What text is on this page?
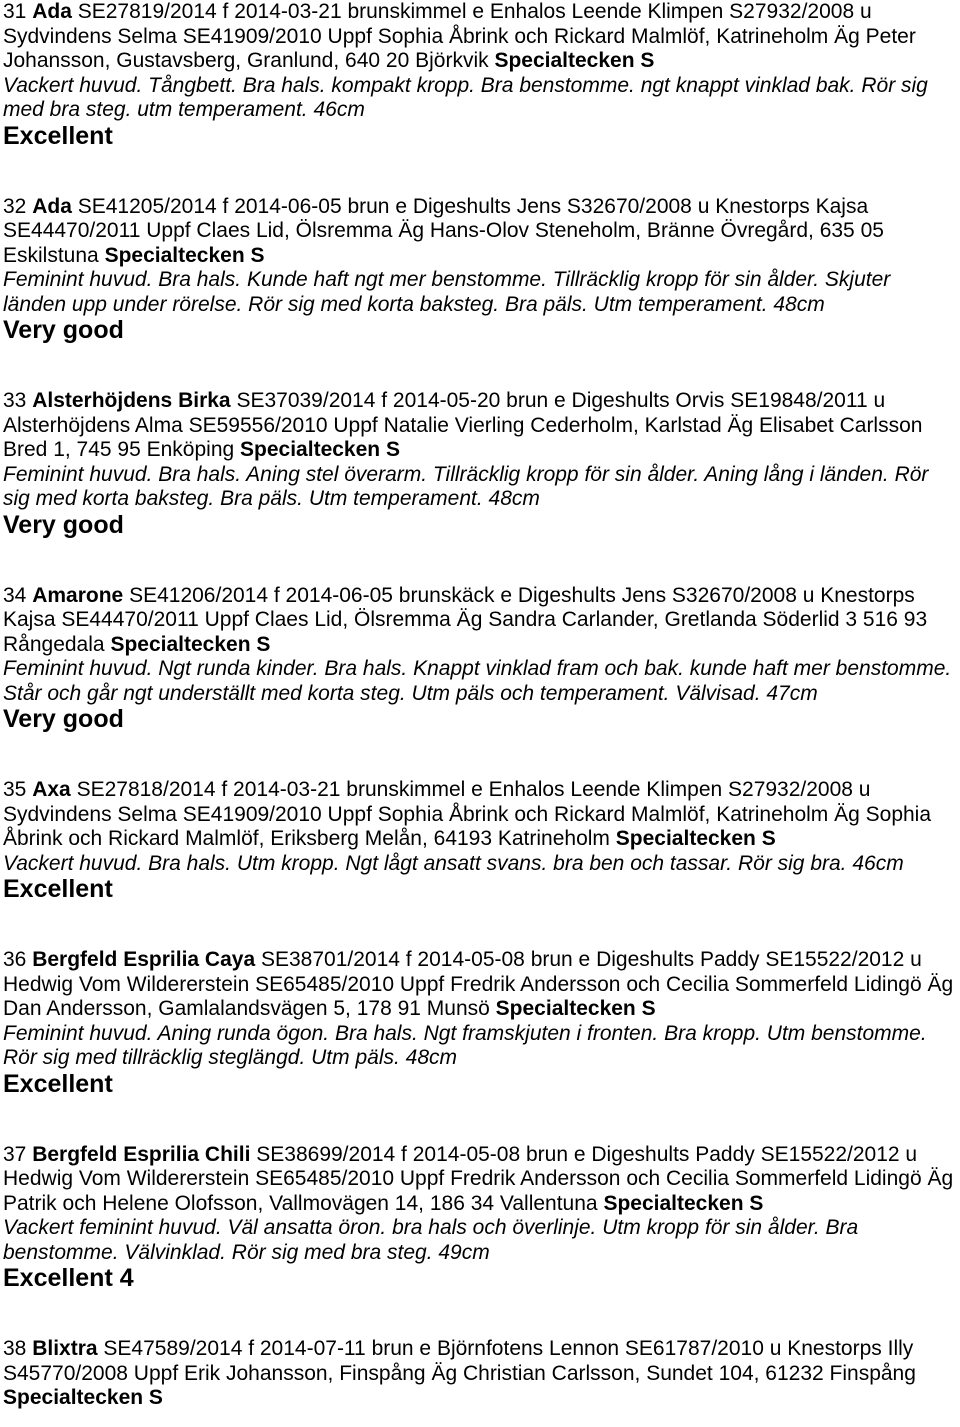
31 Ada SE27819/2014 f 2014-03-21 brunskimmel e Enhalos Leende Klimpen S27932/2008 u Sydvindens Selma SE41909/2010 Uppf Sophia Åbrink och Rickard Malmlöf, Katrineholm Äg Peter Johansson, Gustavsberg, Granlund, 640 20 Björkvik Specialtecken S

Vackert huvud. Tångbett. Bra hals. kompakt kropp. Bra benstomme. ngt knappt vinklad bak. Rör sig med bra steg. utm temperament. 46cm

Excellent

32 Ada SE41205/2014 f 2014-06-05 brun e Digeshults Jens S32670/2008 u Knestorps Kajsa SE44470/2011 Uppf Claes Lid, Ölsremma Äg Hans-Olov Steneholm, Bränne Övregård, 635 05 Eskilstuna Specialtecken S

Feminint huvud. Bra hals. Kunde haft ngt mer benstomme. Tillräcklig kropp för sin ålder. Skjuter länden upp under rörelse. Rör sig med korta baksteg. Bra päls. Utm temperament. 48cm

Very good

33 Alsterhöjdens Birka SE37039/2014 f 2014-05-20 brun e Digeshults Orvis SE19848/2011 u Alsterhöjdens Alma SE59556/2010 Uppf Natalie Vierling Cederholm, Karlstad Äg Elisabet Carlsson Bred 1, 745 95 Enköping Specialtecken S

Feminint huvud. Bra hals. Aning stel överarm. Tillräcklig kropp för sin ålder. Aning lång i länden. Rör sig med korta baksteg. Bra päls. Utm temperament. 48cm

Very good

34 Amarone SE41206/2014 f 2014-06-05 brunskäck e Digeshults Jens S32670/2008 u Knestorps Kajsa SE44470/2011 Uppf Claes Lid, Ölsremma Äg Sandra Carlander, Gretlanda Söderlid 3 516 93 Rångedala Specialtecken S

Feminint huvud. Ngt runda kinder. Bra hals. Knappt vinklad fram och bak. kunde haft mer benstomme. Står och går ngt underställt med korta steg. Utm päls och temperament. Välvisad. 47cm

Very good

35 Axa SE27818/2014 f 2014-03-21 brunskimmel e Enhalos Leende Klimpen S27932/2008 u Sydvindens Selma SE41909/2010 Uppf Sophia Åbrink och Rickard Malmlöf, Katrineholm Äg Sophia Åbrink och Rickard Malmlöf, Eriksberg Melån, 64193 Katrineholm Specialtecken S

Vackert huvud. Bra hals. Utm kropp. Ngt lågt ansatt svans. bra ben och tassar. Rör sig bra. 46cm

Excellent

36 Bergfeld Esprilia Caya SE38701/2014 f 2014-05-08 brun e Digeshults Paddy SE15522/2012 u Hedwig Vom Wildererstein SE65485/2010 Uppf Fredrik Andersson och Cecilia Sommerfeld Lidingö Äg Dan Andersson, Gamlalandsvägen 5, 178 91 Munsö Specialtecken S

Feminint huvud. Aning runda ögon. Bra hals. Ngt framskjuten i fronten. Bra kropp. Utm benstomme. Rör sig med tillräcklig steglängd. Utm päls. 48cm

Excellent

37 Bergfeld Esprilia Chili SE38699/2014 f 2014-05-08 brun e Digeshults Paddy SE15522/2012 u Hedwig Vom Wildererstein SE65485/2010 Uppf Fredrik Andersson och Cecilia Sommerfeld Lidingö Äg Patrik och Helene Olofsson, Vallmovägen 14, 186 34 Vallentuna Specialtecken S

Vackert feminint huvud. Väl ansatta öron. bra hals och överlinje. Utm kropp för sin ålder. Bra benstomme. Välvinklad. Rör sig med bra steg. 49cm

Excellent 4

38 Blixtra SE47589/2014 f 2014-07-11 brun e Björnfotens Lennon SE61787/2010 u Knestorps Illy S45770/2008 Uppf Erik Johansson, Finspång Äg Christian Carlsson, Sundet 104, 61232 FinspångSpecialtecken S
